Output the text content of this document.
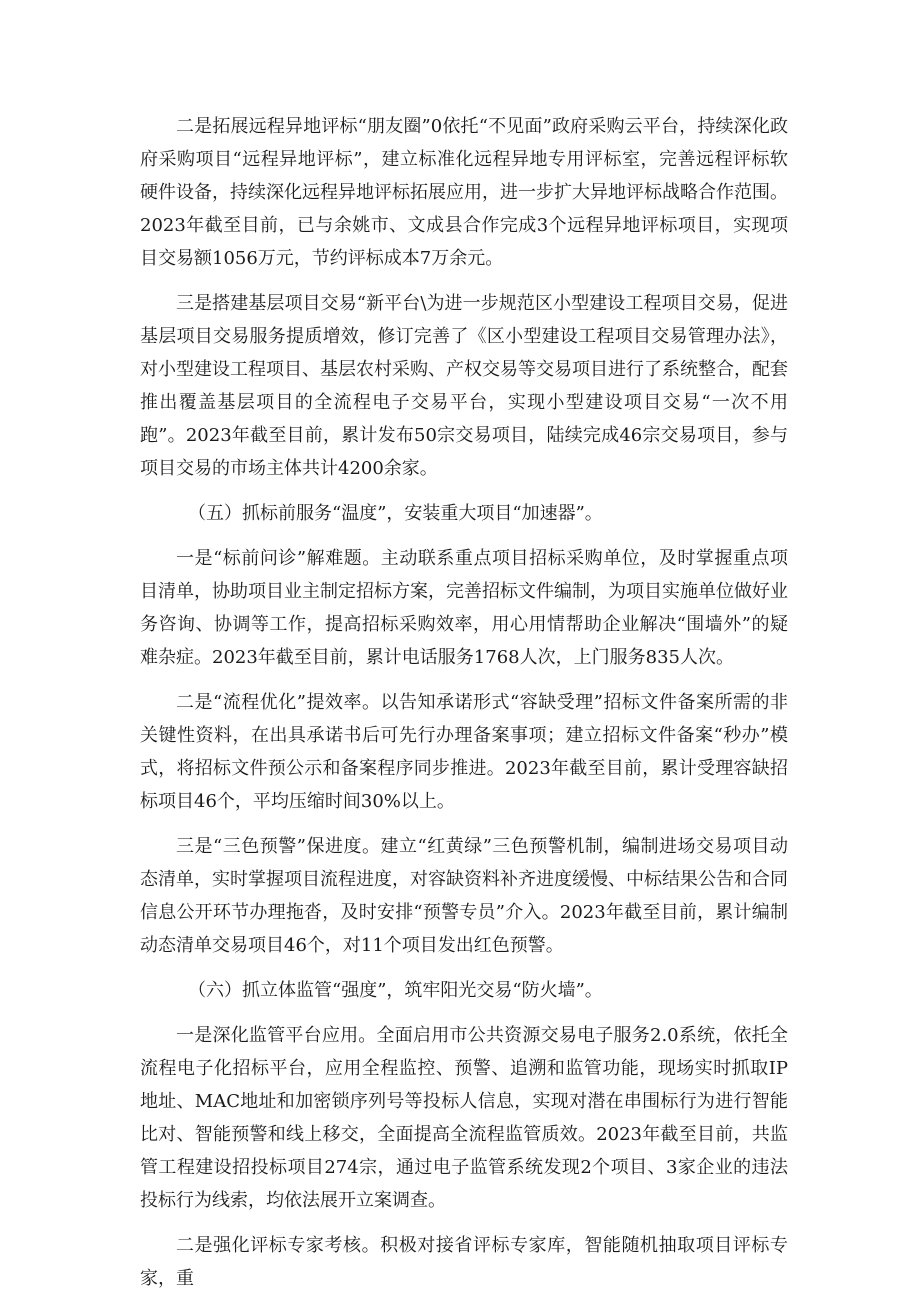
二是拓展远程异地评标“朋友圈”0依托“不见面”政府采购云平台，持续深化政府采购项目“远程异地评标”，建立标准化远程异地专用评标室，完善远程评标软硬件设备，持续深化远程异地评标拓展应用，进一步扩大异地评标战略合作范围。2023年截至目前，已与余姚市、文成县合作完成3个远程异地评标项目，实现项目交易额1056万元，节约评标成本7万余元。

三是搭建基层项目交易“新平台\为进一步规范区小型建设工程项目交易，促进基层项目交易服务提质增效，修订完善了《区小型建设工程项目交易管理办法》，对小型建设工程项目、基层农村采购、产权交易等交易项目进行了系统整合，配套推出覆盖基层项目的全流程电子交易平台，实现小型建设项目交易“一次不用跑”。2023年截至目前，累计发布50宗交易项目，陆续完成46宗交易项目，参与项目交易的市场主体共计4200余家。

（五）抓标前服务“温度”，安装重大项目“加速器”。

一是“标前问诊”解难题。主动联系重点项目招标采购单位，及时掌握重点项目清单，协助项目业主制定招标方案，完善招标文件编制，为项目实施单位做好业务咨询、协调等工作，提高招标采购效率，用心用情帮助企业解决“围墙外”的疑难杂症。2023年截至目前，累计电话服务1768人次，上门服务835人次。

二是“流程优化”提效率。以告知承诺形式“容缺受理”招标文件备案所需的非关键性资料，在出具承诺书后可先行办理备案事项；建立招标文件备案“秒办”模式，将招标文件预公示和备案程序同步推进。2023年截至目前，累计受理容缺招标项目46个，平均压缩时间30%以上。

三是“三色预警”保进度。建立“红黄绿”三色预警机制，编制进场交易项目动态清单，实时掌握项目流程进度，对容缺资料补齐进度缓慢、中标结果公告和合同信息公开环节办理拖沓，及时安排“预警专员”介入。2023年截至目前，累计编制动态清单交易项目46个，对11个项目发出红色预警。

（六）抓立体监管“强度”，筑牢阳光交易“防火墙”。

一是深化监管平台应用。全面启用市公共资源交易电子服务2.0系统，依托全流程电子化招标平台，应用全程监控、预警、追溯和监管功能，现场实时抓取IP地址、MAC地址和加密锁序列号等投标人信息，实现对潜在串围标行为进行智能比对、智能预警和线上移交，全面提高全流程监管质效。2023年截至目前，共监管工程建设招投标项目274宗，通过电子监管系统发现2个项目、3家企业的违法投标行为线索，均依法展开立案调查。

二是强化评标专家考核。积极对接省评标专家库，智能随机抽取项目评标专家，重
